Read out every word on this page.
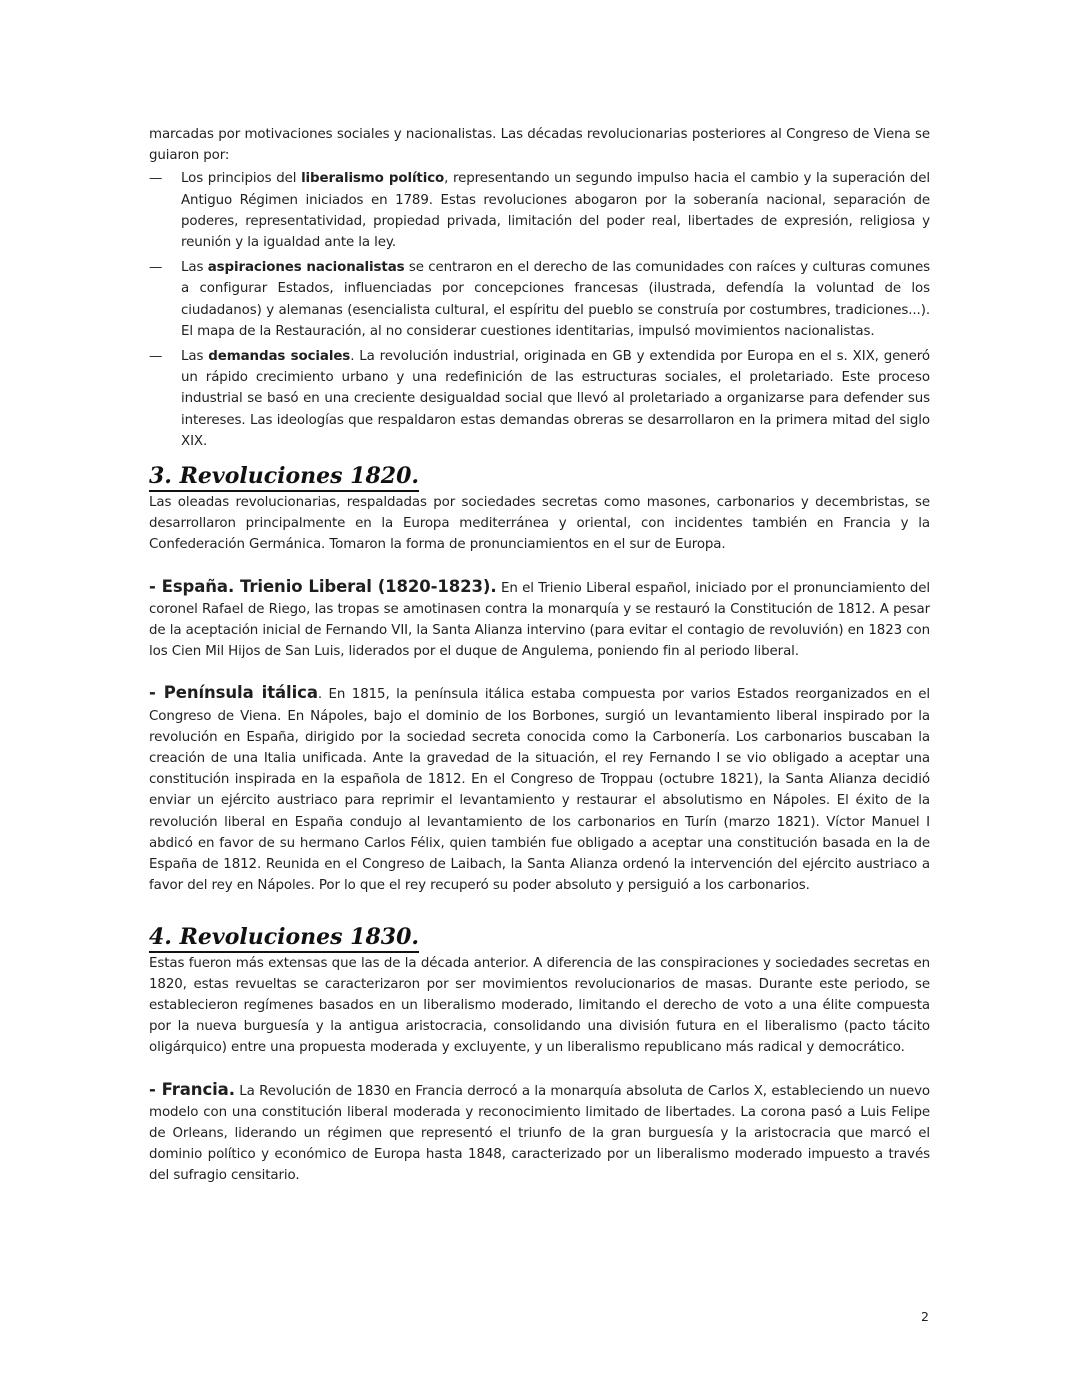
marcadas por motivaciones sociales y nacionalistas. Las décadas revolucionarias posteriores al Congreso de Viena se guiaron por:

— Los principios del liberalismo político, representando un segundo impulso hacia el cambio y la superación del Antiguo Régimen iniciados en 1789. Estas revoluciones abogaron por la soberanía nacional, separación de poderes, representatividad, propiedad privada, limitación del poder real, libertades de expresión, religiosa y reunión y la igualdad ante la ley.
— Las aspiraciones nacionalistas se centraron en el derecho de las comunidades con raíces y culturas comunes a configurar Estados, influenciadas por concepciones francesas (ilustrada, defendía la voluntad de los ciudadanos) y alemanas (esencialista cultural, el espíritu del pueblo se construía por costumbres, tradiciones...). El mapa de la Restauración, al no considerar cuestiones identitarias, impulsó movimientos nacionalistas.
— Las demandas sociales. La revolución industrial, originada en GB y extendida por Europa en el s. XIX, generó un rápido crecimiento urbano y una redefinición de las estructuras sociales, el proletariado. Este proceso industrial se basó en una creciente desigualdad social que llevó al proletariado a organizarse para defender sus intereses. Las ideologías que respaldaron estas demandas obreras se desarrollaron en la primera mitad del siglo XIX.
3. Revoluciones 1820.

Las oleadas revolucionarias, respaldadas por sociedades secretas como masones, carbonarios y decembristas, se desarrollaron principalmente en la Europa mediterránea y oriental, con incidentes también en Francia y la Confederación Germánica. Tomaron la forma de pronunciamientos en el sur de Europa.

- España. Trienio Liberal (1820-1823). En el Trienio Liberal español, iniciado por el pronunciamiento del coronel Rafael de Riego, las tropas se amotinasen contra la monarquía y se restauró la Constitución de 1812. A pesar de la aceptación inicial de Fernando VII, la Santa Alianza intervino (para evitar el contagio de revoluvión) en 1823 con los Cien Mil Hijos de San Luis, liderados por el duque de Angulema, poniendo fin al periodo liberal.

- Península itálica. En 1815, la península itálica estaba compuesta por varios Estados reorganizados en el Congreso de Viena. En Nápoles, bajo el dominio de los Borbones, surgió un levantamiento liberal inspirado por la revolución en España, dirigido por la sociedad secreta conocida como la Carbonería. Los carbonarios buscaban la creación de una Italia unificada. Ante la gravedad de la situación, el rey Fernando I se vio obligado a aceptar una constitución inspirada en la española de 1812. En el Congreso de Troppau (octubre 1821), la Santa Alianza decidió enviar un ejército austriaco para reprimir el levantamiento y restaurar el absolutismo en Nápoles. El éxito de la revolución liberal en España condujo al levantamiento de los carbonarios en Turín (marzo 1821). Víctor Manuel I abdicó en favor de su hermano Carlos Félix, quien también fue obligado a aceptar una constitución basada en la de España de 1812. Reunida en el Congreso de Laibach, la Santa Alianza ordenó la intervención del ejército austriaco a favor del rey en Nápoles. Por lo que el rey recuperó su poder absoluto y persiguió a los carbonarios.

4. Revoluciones 1830.

Estas fueron más extensas que las de la década anterior. A diferencia de las conspiraciones y sociedades secretas en 1820, estas revueltas se caracterizaron por ser movimientos revolucionarios de masas. Durante este periodo, se establecieron regímenes basados en un liberalismo moderado, limitando el derecho de voto a una élite compuesta por la nueva burguesía y la antigua aristocracia, consolidando una división futura en el liberalismo (pacto tácito oligárquico) entre una propuesta moderada y excluyente, y un liberalismo republicano más radical y democrático.

- Francia. La Revolución de 1830 en Francia derrocó a la monarquía absoluta de Carlos X, estableciendo un nuevo modelo con una constitución liberal moderada y reconocimiento limitado de libertades. La corona pasó a Luis Felipe de Orleans, liderando un régimen que representó el triunfo de la gran burguesía y la aristocracia que marcó el dominio político y económico de Europa hasta 1848, caracterizado por un liberalismo moderado impuesto a través del sufragio censitario.

2
